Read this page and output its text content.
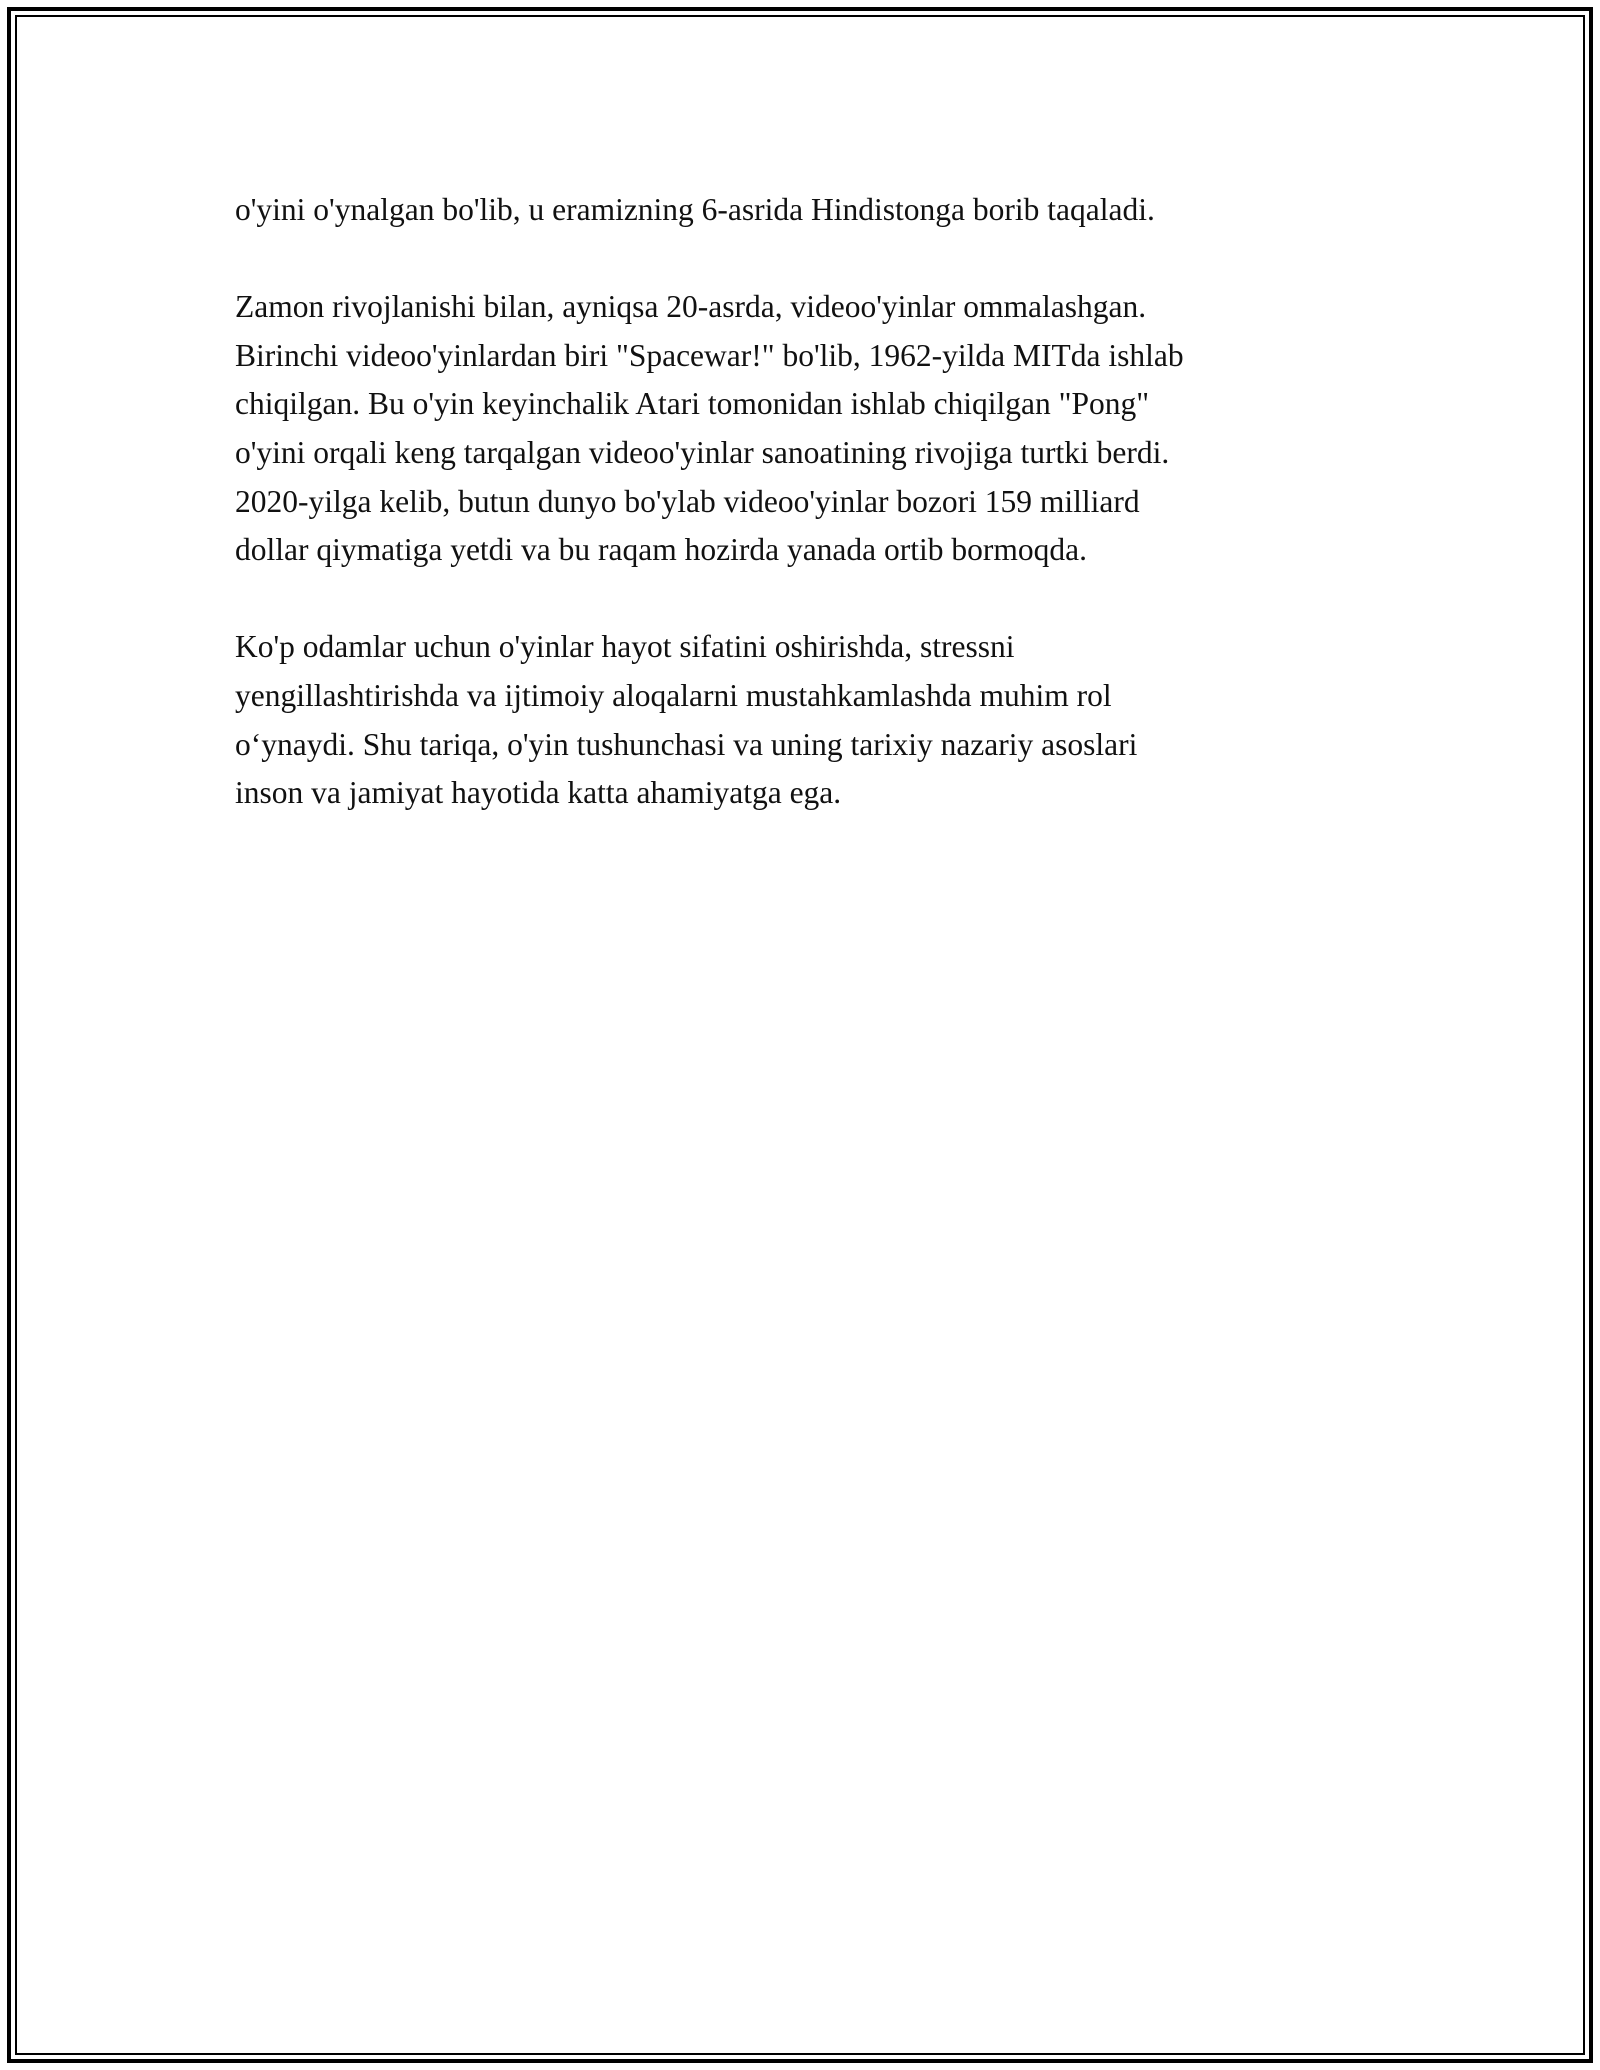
o'yini o'ynalgan bo'lib, u eramizning 6-asrida Hindistonga borib taqaladi.
Zamon rivojlanishi bilan, ayniqsa 20-asrda, videoo'yinlar ommalashgan.
Birinchi videoo'yinlardan biri "Spacewar!" bo'lib, 1962-yilda MITda ishlab
chiqilgan. Bu o'yin keyinchalik Atari tomonidan ishlab chiqilgan "Pong"
o'yini orqali keng tarqalgan videoo'yinlar sanoatining rivojiga turtki berdi.
2020-yilga kelib, butun dunyo bo'ylab videoo'yinlar bozori 159 milliard
dollar qiymatiga yetdi va bu raqam hozirda yanada ortib bormoqda.
Ko'p odamlar uchun o'yinlar hayot sifatini oshirishda, stressni
yengillashtirishda va ijtimoiy aloqalarni mustahkamlashda muhim rol
o‘ynaydi. Shu tariqa, o'yin tushunchasi va uning tarixiy nazariy asoslari
inson va jamiyat hayotida katta ahamiyatga ega.
